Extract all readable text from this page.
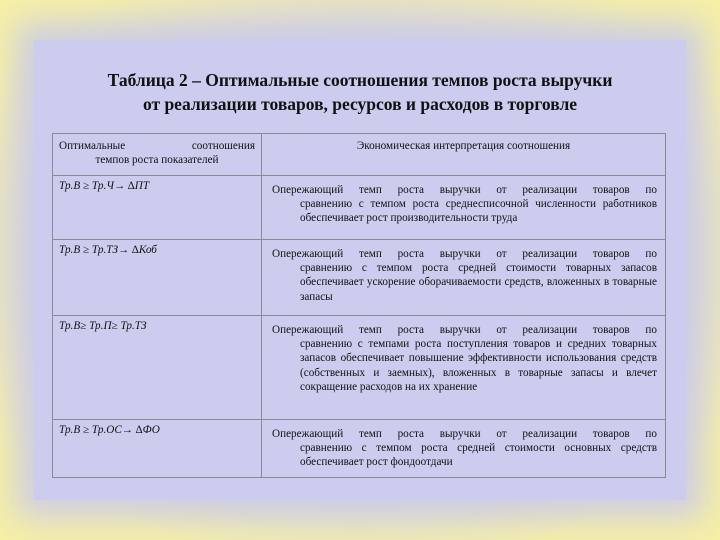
Таблица 2 – Оптимальные соотношения темпов роста выручки
от реализации товаров, ресурсов и расходов в торговле
Оптимальные соотношения
темпов роста показателей	Экономическая интерпретация соотношения
Тр.В ≥ Тр.Ч→ ∆ПТ	Опережающий темп роста выручки от реализации товаров по
сравнению с темпом роста среднесписочной численности работников обеспечивает рост производительности труда

Тр.В ≥ Тр.ТЗ→ ∆Коб	Опережающий темп роста выручки от реализации товаров по
сравнению с темпом роста средней стоимости товарных запасов обеспечивает ускорение оборачиваемости средств, вложенных в товарные запасы

Тр.В≥ Тр.П≥ Тр.ТЗ	Опережающий темп роста выручки от реализации товаров по
сравнению с темпами роста поступления товаров и средних товарных запасов обеспечивает повышение эффективности использования средств (собственных и заемных), вложенных в товарные запасы и влечет сокращение расходов на их хранение

Тр.В ≥ Тр.ОС→ ∆ФО	Опережающий темп роста выручки от реализации товаров по
сравнению с темпом роста средней стоимости основных средств обеспечивает рост фондоотдачи
